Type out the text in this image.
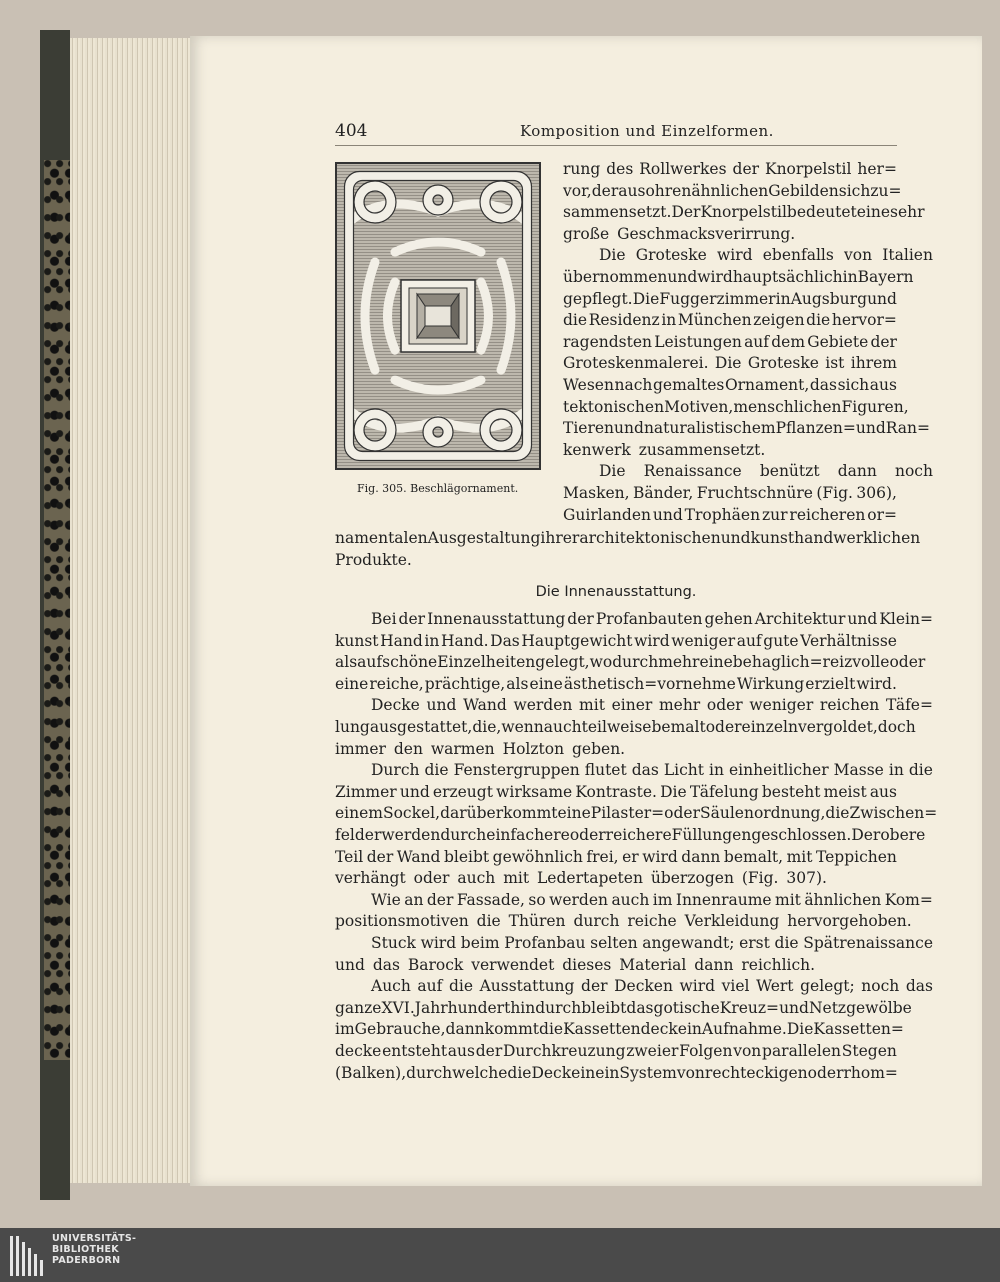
404	Komposition und Einzelformen.
Fig. 305. Beschlägornament.
rung des Rollwerkes der Knorpelstil her=
vor, der aus ohrenähnlichen Gebilden sich zu=
sammensetzt. Der Knorpelstil bedeutet eine sehr
große Geschmacksverirrung.
Die Groteske wird ebenfalls von Italien
übernommen und wird hauptsächlich in Bayern
gepflegt. Die Fuggerzimmer in Augsburg und
die Residenz in München zeigen die hervor=
ragendsten Leistungen auf dem Gebiete der
Groteskenmalerei. Die Groteske ist ihrem
Wesen nach gemaltes Ornament, das sich aus
tektonischen Motiven, menschlichen Figuren,
Tieren und naturalistischem Pflanzen= und Ran=
kenwerk zusammensetzt.
Die Renaissance benützt dann noch
Masken, Bänder, Fruchtschnüre (Fig. 306),
Guirlanden und Trophäen zur reicheren or=
namentalen Ausgestaltung ihrer architektonischen und kunsthandwerklichen
Produkte.
Die Innenausstattung.
Bei der Innenausstattung der Profanbauten gehen Architektur und Klein=
kunst Hand in Hand. Das Hauptgewicht wird weniger auf gute Verhältnisse
als auf schöne Einzelheiten gelegt, wodurch mehr eine behaglich=reizvolle oder
eine reiche, prächtige, als eine ästhetisch=vornehme Wirkung erzielt wird.
Decke und Wand werden mit einer mehr oder weniger reichen Täfe=
lung ausgestattet, die, wenn auch teilweise bemalt oder einzeln vergoldet, doch
immer den warmen Holzton geben.
Durch die Fenstergruppen flutet das Licht in einheitlicher Masse in die
Zimmer und erzeugt wirksame Kontraste. Die Täfelung besteht meist aus
einem Sockel, darüber kommt eine Pilaster= oder Säulenordnung, die Zwischen=
felder werden durch einfachere oder reichere Füllungen geschlossen. Der obere
Teil der Wand bleibt gewöhnlich frei, er wird dann bemalt, mit Teppichen
verhängt oder auch mit Ledertapeten überzogen (Fig. 307).
Wie an der Fassade, so werden auch im Innenraume mit ähnlichen Kom=
positionsmotiven die Thüren durch reiche Verkleidung hervorgehoben.
Stuck wird beim Profanbau selten angewandt; erst die Spätrenaissance
und das Barock verwendet dieses Material dann reichlich.
Auch auf die Ausstattung der Decken wird viel Wert gelegt; noch das
ganze XVI. Jahrhundert hindurch bleibt das gotische Kreuz= und Netzgewölbe
im Gebrauche, dann kommt die Kassettendecke in Aufnahme. Die Kassetten=
decke entsteht aus der Durchkreuzung zweier Folgen von parallelen Stegen
(Balken), durch welche die Decke in ein System von rechteckigen oder rhom=
UNIVERSITÄTS-
BIBLIOTHEK
PADERBORN
